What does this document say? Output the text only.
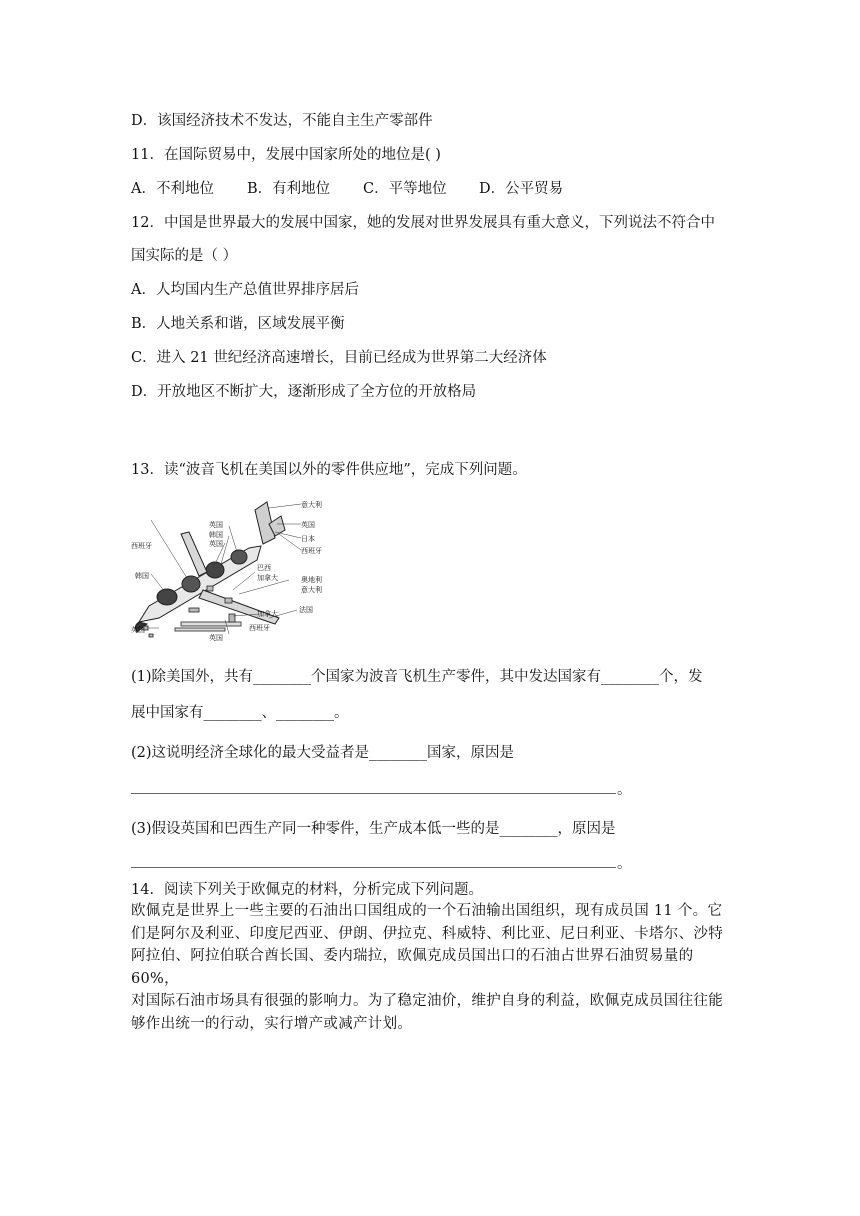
D．该国经济技术不发达，不能自主生产零部件
11．在国际贸易中，发展中国家所处的地位是( )
A．不利地位 B．有利地位 C．平等地位 D．公平贸易
12．中国是世界最大的发展中国家，她的发展对世界发展具有重大意义，下列说法不符合中
国实际的是（ ）
A．人均国内生产总值世界排序居后
B．人地关系和谐，区域发展平衡
C．进入 21 世纪经济高速增长，目前已经成为世界第二大经济体
D．开放地区不断扩大，逐渐形成了全方位的开放格局
13．读“波音飞机在美国以外的零件供应地”，完成下列问题。
英国
韩国
英国
西班牙
韩国
英国
英国
意大利
英国
日本
西班牙
巴西
加拿大	奥地利
意大利
加拿大	法国
西班牙
(1)除美国外，共有________个国家为波音飞机生产零件，其中发达国家有________个，发
展中国家有________、________。
(2)这说明经济全球化的最大受益者是________国家，原因是
。
(3)假设英国和巴西生产同一种零件，生产成本低一些的是________，原因是
。
14．阅读下列关于欧佩克的材料，分析完成下列问题。
欧佩克是世界上一些主要的石油出口国组成的一个石油输出国组织，现有成员国 11 个。它
们是阿尔及利亚、印度尼西亚、伊朗、伊拉克、科威特、利比亚、尼日利亚、卡塔尔、沙特
阿拉伯、阿拉伯联合酋长国、委内瑞拉，欧佩克成员国出口的石油占世界石油贸易量的 60%，
对国际石油市场具有很强的影响力。为了稳定油价，维护自身的利益，欧佩克成员国往往能
够作出统一的行动，实行增产或减产计划。
